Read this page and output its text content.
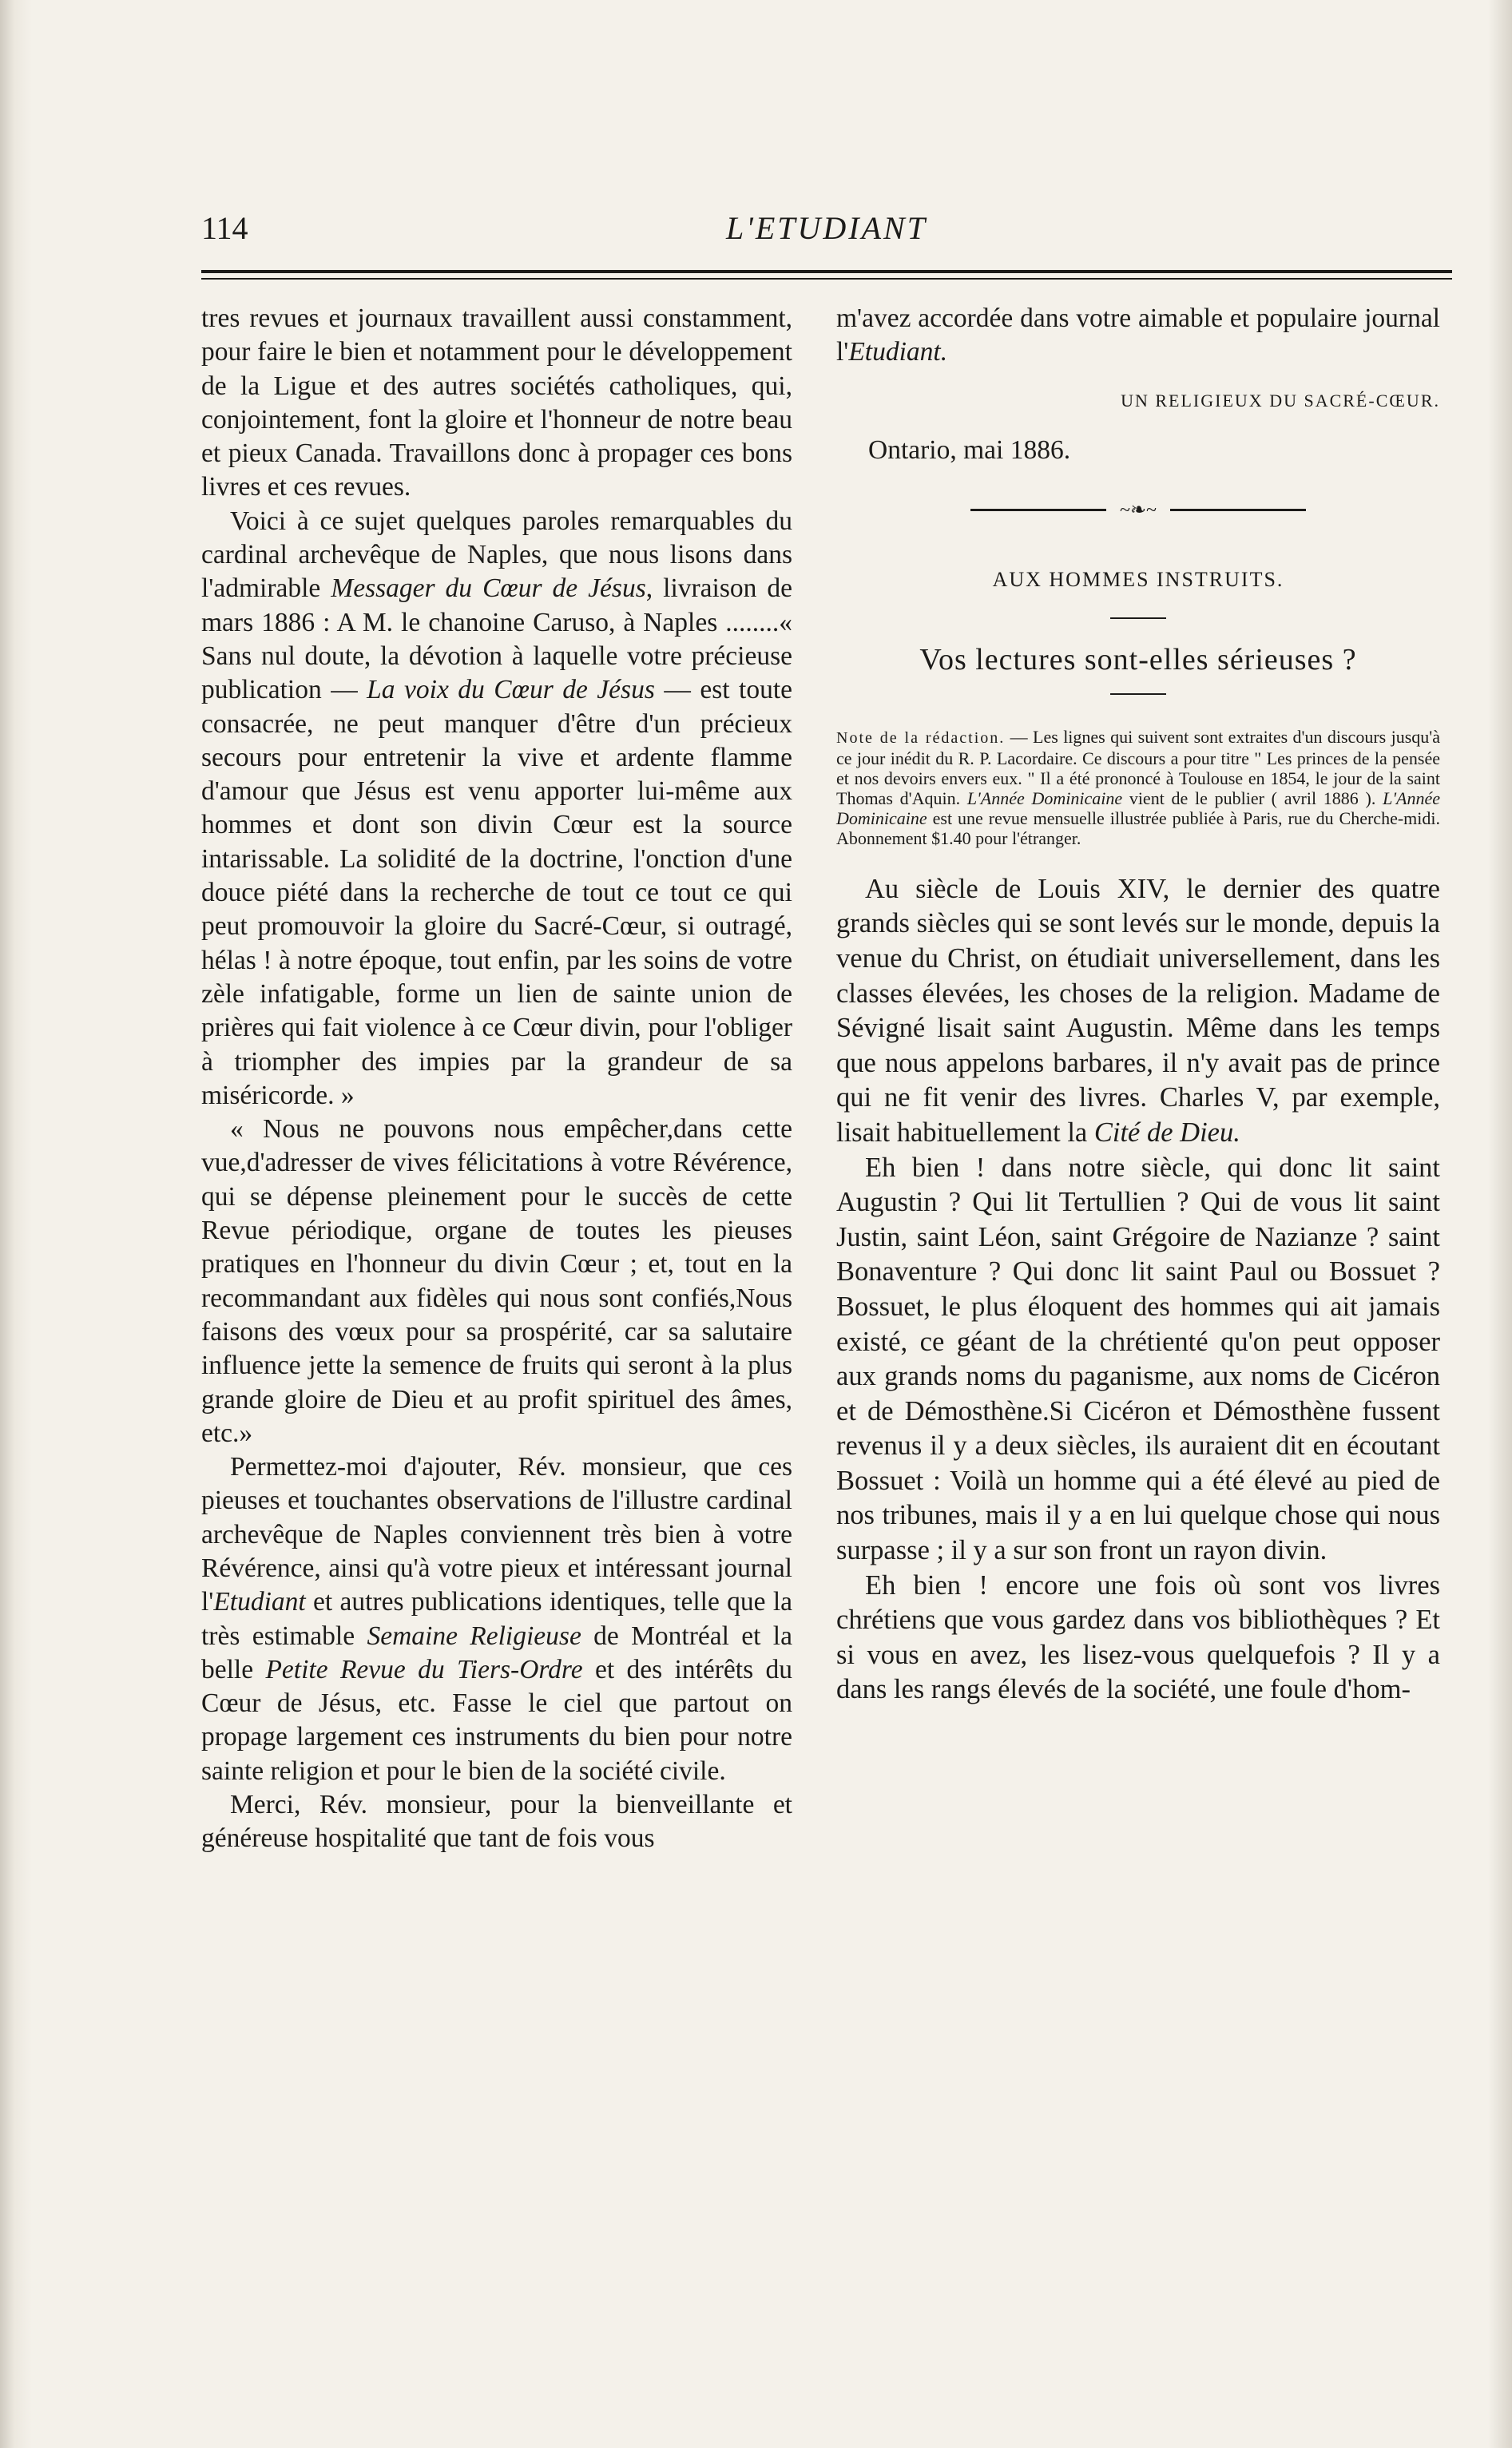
L'ETUDIANT
114

tres revues et journaux travaillent aussi constamment, pour faire le bien et notamment pour le développement de la Ligue et des autres sociétés catholiques, qui, conjointement, font la gloire et l'honneur de notre beau et pieux Canada. Travaillons donc à propager ces bons livres et ces revues.

Voici à ce sujet quelques paroles remarquables du cardinal archevêque de Naples, que nous lisons dans l'admirable Messager du Cœur de Jésus, livraison de mars 1886 : A M. le chanoine Caruso, à Naples ........« Sans nul doute, la dévotion à laquelle votre précieuse publication — La voix du Cœur de Jésus — est toute consacrée, ne peut manquer d'être d'un précieux secours pour entretenir la vive et ardente flamme d'amour que Jésus est venu apporter lui-même aux hommes et dont son divin Cœur est la source intarissable. La solidité de la doctrine, l'onction d'une douce piété dans la recherche de tout ce tout ce qui peut promouvoir la gloire du Sacré-Cœur, si outragé, hélas ! à notre époque, tout enfin, par les soins de votre zèle infatigable, forme un lien de sainte union de prières qui fait violence à ce Cœur divin, pour l'obliger à triompher des impies par la grandeur de sa miséricorde. »

« Nous ne pouvons nous empêcher,dans cette vue,d'adresser de vives félicitations à votre Révérence, qui se dépense pleinement pour le succès de cette Revue périodique, organe de toutes les pieuses pratiques en l'honneur du divin Cœur ; et, tout en la recommandant aux fidèles qui nous sont confiés,Nous faisons des vœux pour sa prospérité, car sa salutaire influence jette la semence de fruits qui seront à la plus grande gloire de Dieu et au profit spirituel des âmes, etc.»

Permettez-moi d'ajouter, Rév. monsieur, que ces pieuses et touchantes observations de l'illustre cardinal archevêque de Naples conviennent très bien à votre Révérence, ainsi qu'à votre pieux et intéressant journal l'Etudiant et autres publications identiques, telle que la très estimable Semaine Religieuse de Montréal et la belle Petite Revue du Tiers-Ordre et des intérêts du Cœur de Jésus, etc. Fasse le ciel que partout on propage largement ces instruments du bien pour notre sainte religion et pour le bien de la société civile.

Merci, Rév. monsieur, pour la bienveillante et généreuse hospitalité que tant de fois vous

m'avez accordée dans votre aimable et populaire journal l'Etudiant.

UN RELIGIEUX DU SACRÉ-CŒUR.
Ontario, mai 1886.
~❧~
AUX HOMMES INSTRUITS.
Vos lectures sont-elles sérieuses ?

Note de la rédaction. — Les lignes qui suivent sont extraites d'un discours jusqu'à ce jour inédit du R. P. Lacordaire. Ce discours a pour titre " Les princes de la pensée et nos devoirs envers eux. " Il a été prononcé à Toulouse en 1854, le jour de la saint Thomas d'Aquin. L'Année Dominicaine vient de le publier ( avril 1886 ). L'Année Dominicaine est une revue mensuelle illustrée publiée à Paris, rue du Cherche-midi. Abonnement $1.40 pour l'étranger.

Au siècle de Louis XIV, le dernier des quatre grands siècles qui se sont levés sur le monde, depuis la venue du Christ, on étudiait universellement, dans les classes élevées, les choses de la religion. Madame de Sévigné lisait saint Augustin. Même dans les temps que nous appelons barbares, il n'y avait pas de prince qui ne fit venir des livres. Charles V, par exemple, lisait habituellement la Cité de Dieu.

Eh bien ! dans notre siècle, qui donc lit saint Augustin ? Qui lit Tertullien ? Qui de vous lit saint Justin, saint Léon, saint Grégoire de Nazianze ? saint Bonaventure ? Qui donc lit saint Paul ou Bossuet ? Bossuet, le plus éloquent des hommes qui ait jamais existé, ce géant de la chrétienté qu'on peut opposer aux grands noms du paganisme, aux noms de Cicéron et de Démosthène.Si Cicéron et Démosthène fussent revenus il y a deux siècles, ils auraient dit en écoutant Bossuet : Voilà un homme qui a été élevé au pied de nos tribunes, mais il y a en lui quelque chose qui nous surpasse ; il y a sur son front un rayon divin.

Eh bien ! encore une fois où sont vos livres chrétiens que vous gardez dans vos bibliothèques ? Et si vous en avez, les lisez-vous quelquefois ? Il y a dans les rangs élevés de la société, une foule d'hom-
